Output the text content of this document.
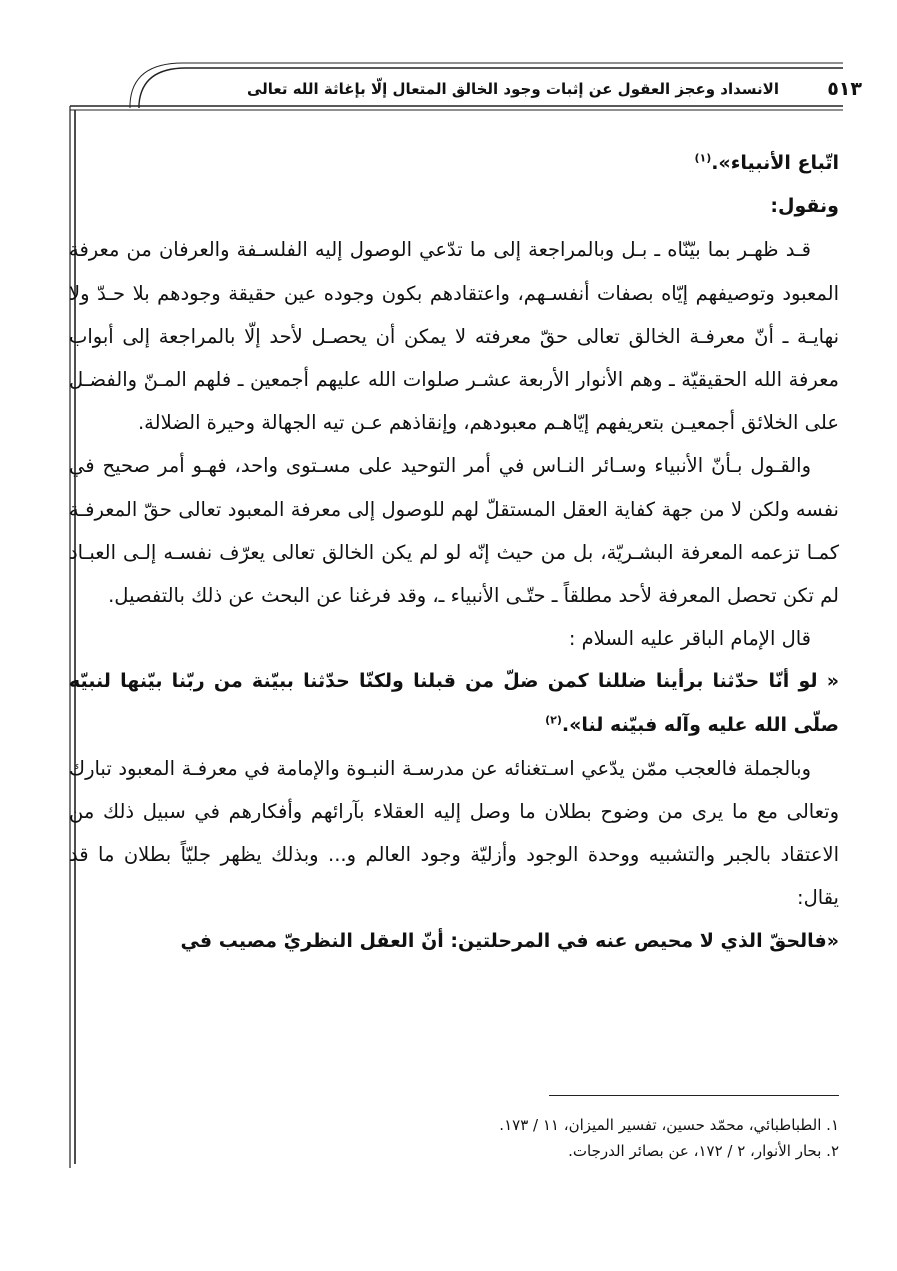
٥١٣
الانسداد وعجز العقول عن إثبات وجود الخالق المتعال إلّا بإغاثة الله تعالى

اتّباع الأنبياء».$^{(١)}$

ونقول:

قـد ظهـر بما بيّنّاه ـ بـل وبالمراجعة إلى ما تدّعي الوصول إليه الفلسـفة والعرفان من معرفة المعبود وتوصيفهم إيّاه بصفات أنفسـهم، واعتقادهم بكون وجوده عين حقيقة وجودهم بلا حـدّ ولا نهايـة ـ أنّ معرفـة الخالق تعالى حقّ معرفته لا يمكن أن يحصـل لأحد إلّا بالمراجعة إلى أبواب معرفة الله الحقيقيّة ـ وهم الأنوار الأربعة عشـر صلوات الله عليهم أجمعين ـ فلهم المـنّ والفضـل على الخلائق أجمعيـن بتعريفهم إيّاهـم معبودهم، وإنقاذهم عـن تيه الجهالة وحيرة الضلالة.

والقـول بـأنّ الأنبياء وسـائر النـاس في أمر التوحيد على مسـتوى واحد، فهـو أمر صحيح في نفسه ولكن لا من جهة كفاية العقل المستقلّ لهم للوصول إلى معرفة المعبود تعالى حقّ المعرفـة كمـا تزعمه المعرفة البشـريّة، بل من حيث إنّه لو لم يكن الخالق تعالى يعرّف نفسـه إلـى العبـاد لم تكن تحصل المعرفة لأحد مطلقاً ـ حتّـى الأنبياء ـ، وقد فرغنا عن البحث عن ذلك بالتفصيل.

قال الإمام الباقر عليه السلام :

« لو أنّا حدّثنا برأينا ضللنا كمن ضلّ من قبلنا ولكنّا حدّثنا ببيّنة من ربّنا بيّنها لنبيّه صلّى الله عليه وآله فبيّنه لنا».$^{(٢)}$

وبالجملة فالعجب ممّن يدّعي اسـتغنائه عن مدرسـة النبـوة والإمامة في معرفـة المعبود تبارك وتعالى مع ما يرى من وضوح بطلان ما وصل إليه العقلاء بآرائهم وأفكارهم في سبيل ذلك من الاعتقاد بالجبر والتشبيه ووحدة الوجود وأزليّة وجود العالم و... وبذلك يظهر جليّاً بطلان ما قد يقال:

«فالحقّ الذي لا محيص عنه في المرحلتين: أنّ العقل النظريّ مصيب في

١. الطباطبائي، محمّد حسين، تفسير الميزان، ١١ / ١٧٣.

٢. بحار الأنوار، ٢ / ١٧٢، عن بصائر الدرجات.
